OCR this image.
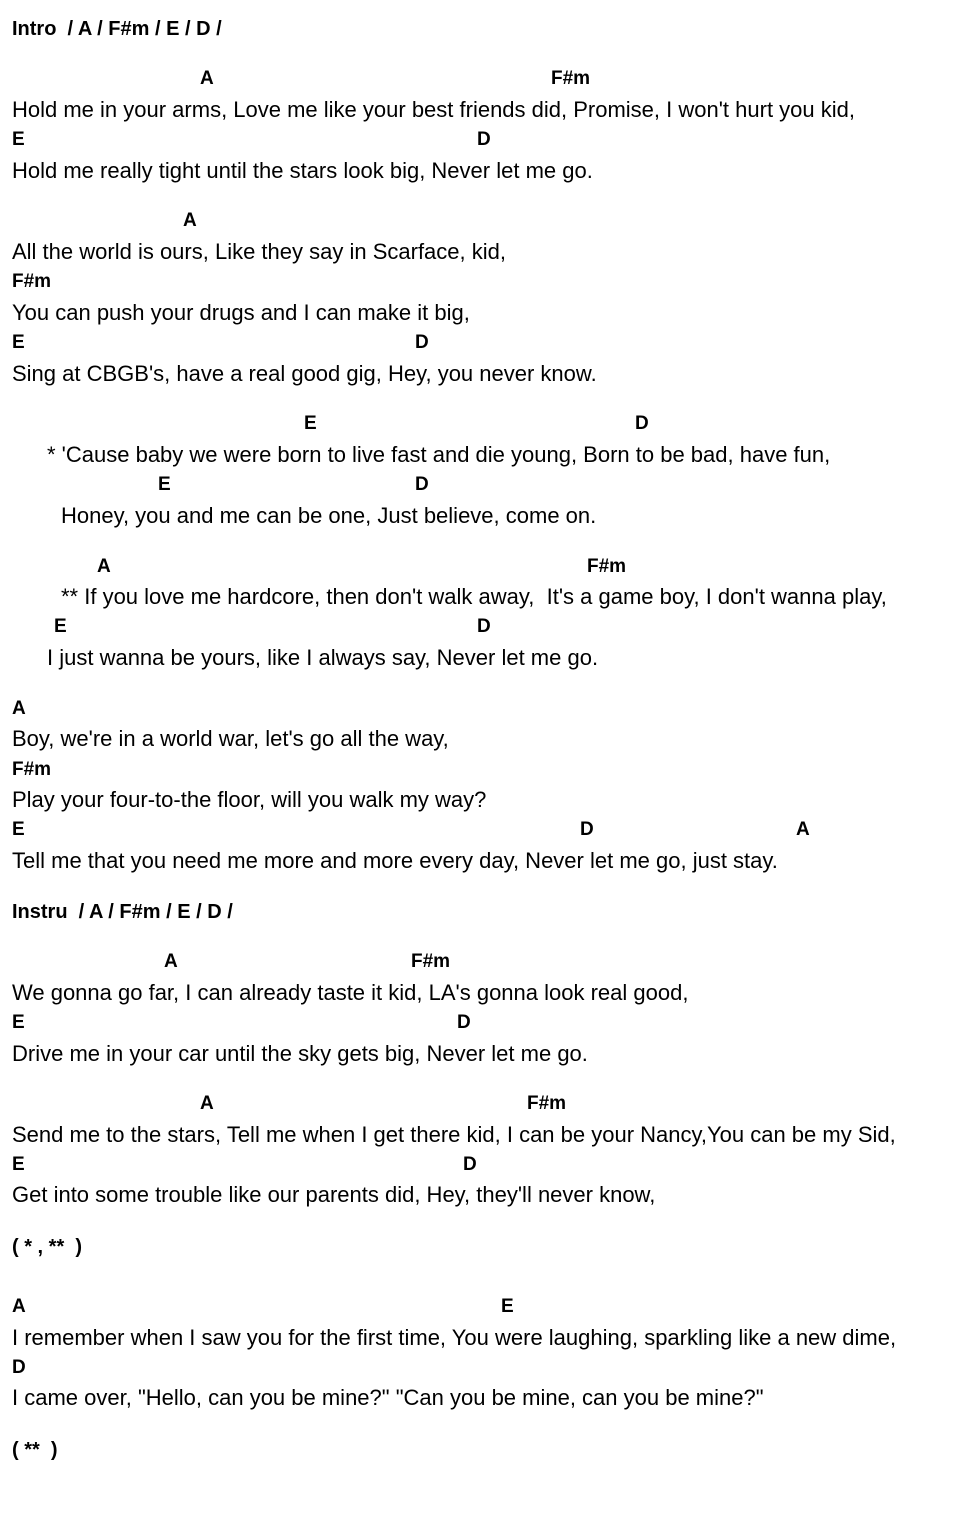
Intro  / A / F#m / E / D /
A	F#m
Hold me in your arms, Love me like your best friends did, Promise, I won't hurt you kid,
E	D
Hold me really tight until the stars look big, Never let me go.
A
All the world is ours, Like they say in Scarface, kid,
F#m
You can push your drugs and I can make it big,
E	D
Sing at CBGB's, have a real good gig, Hey, you never know.
E	D
* 'Cause baby we were born to live fast and die young, Born to be bad, have fun,
E	D
Honey, you and me can be one, Just believe, come on.
A	F#m
** If you love me hardcore, then don't walk away,  It's a game boy, I don't wanna play,
E	D
I just wanna be yours, like I always say, Never let me go.
A
Boy, we're in a world war, let's go all the way,
F#m
Play your four-to-the floor, will you walk my way?
E	D	A
Tell me that you need me more and more every day, Never let me go, just stay.
Instru  / A / F#m / E / D /
A	F#m
We gonna go far, I can already taste it kid, LA's gonna look real good,
E	D
Drive me in your car until the sky gets big, Never let me go.
A	F#m
Send me to the stars, Tell me when I get there kid, I can be your Nancy,You can be my Sid,
E	D
Get into some trouble like our parents did, Hey, they'll never know,
( * , **  )
A	E
I remember when I saw you for the first time, You were laughing, sparkling like a new dime,
D
I came over, "Hello, can you be mine?" "Can you be mine, can you be mine?"
( **  )
